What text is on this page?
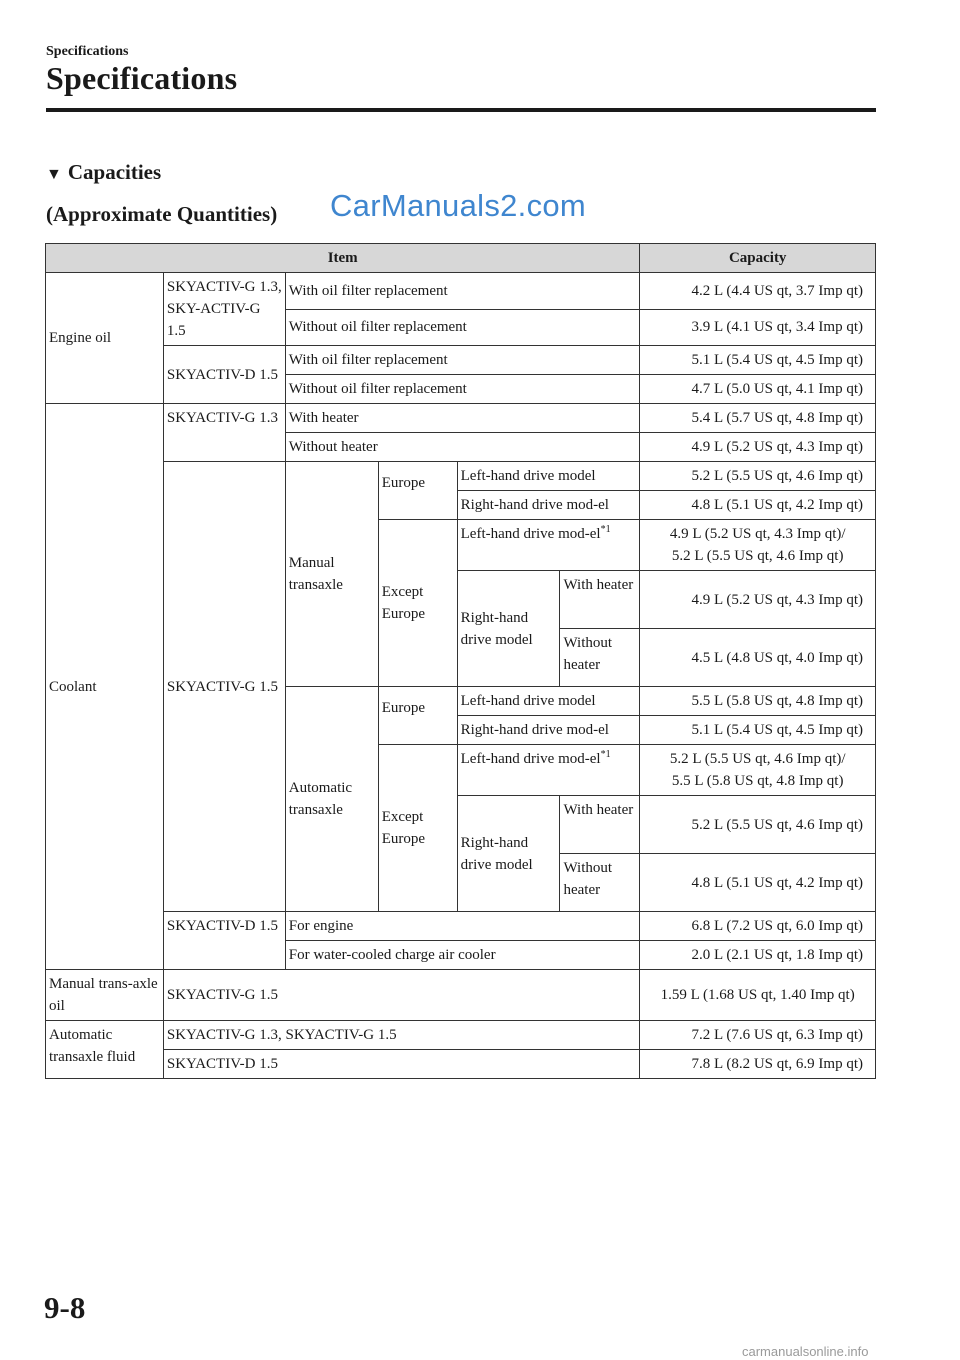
Specifications
Specifications
▼ Capacities
(Approximate Quantities) CarManuals2.com
Item						Capacity
Engine oil	SKYACTIV-G 1.3, SKY-ACTIV-G 1.5	With oil filter replacement				4.2 L (4.4 US qt, 3.7 Imp qt)
		Without oil filter replacement				3.9 L (4.1 US qt, 3.4 Imp qt)
	SKYACTIV-D 1.5	With oil filter replacement				5.1 L (5.4 US qt, 4.5 Imp qt)
		Without oil filter replacement				4.7 L (5.0 US qt, 4.1 Imp qt)
Coolant	SKYACTIV-G 1.3	With heater				5.4 L (5.7 US qt, 4.8 Imp qt)
		Without heater				4.9 L (5.2 US qt, 4.3 Imp qt)
	SKYACTIV-G 1.5	Manual transaxle	Europe	Left-hand drive model		5.2 L (5.5 US qt, 4.6 Imp qt)
				Right-hand drive mod-el		4.8 L (5.1 US qt, 4.2 Imp qt)
			Except Europe	Left-hand drive mod-$el^{*1}$		4.9 L (5.2 US qt, 4.3 Imp qt)/
5.2 L (5.5 US qt, 4.6 Imp qt)

				Right-hand drive model	With heater	4.9 L (5.2 US qt, 4.3 Imp qt)

					Without heater	4.5 L (4.8 US qt, 4.0 Imp qt)

		Automatic transaxle	Europe	Left-hand drive model		5.5 L (5.8 US qt, 4.8 Imp qt)
				Right-hand drive mod-el		5.1 L (5.4 US qt, 4.5 Imp qt)
			Except Europe	Left-hand drive mod-$el^{*1}$		5.2 L (5.5 US qt, 4.6 Imp qt)/
5.5 L (5.8 US qt, 4.8 Imp qt)

				Right-hand drive model	With heater	5.2 L (5.5 US qt, 4.6 Imp qt)

					Without heater	4.8 L (5.1 US qt, 4.2 Imp qt)

	SKYACTIV-D 1.5	For engine				6.8 L (7.2 US qt, 6.0 Imp qt)
		For water-cooled charge air cooler				2.0 L (2.1 US qt, 1.8 Imp qt)
Manual trans-axle oil	SKYACTIV-G 1.5					1.59 L (1.68 US qt, 1.40 Imp qt)
Automatic transaxle fluid	SKYACTIV-G 1.3, SKYACTIV-G 1.5					7.2 L (7.6 US qt, 6.3 Imp qt)
	SKYACTIV-D 1.5					7.8 L (8.2 US qt, 6.9 Imp qt)
9-8
carmanualsonline.info
